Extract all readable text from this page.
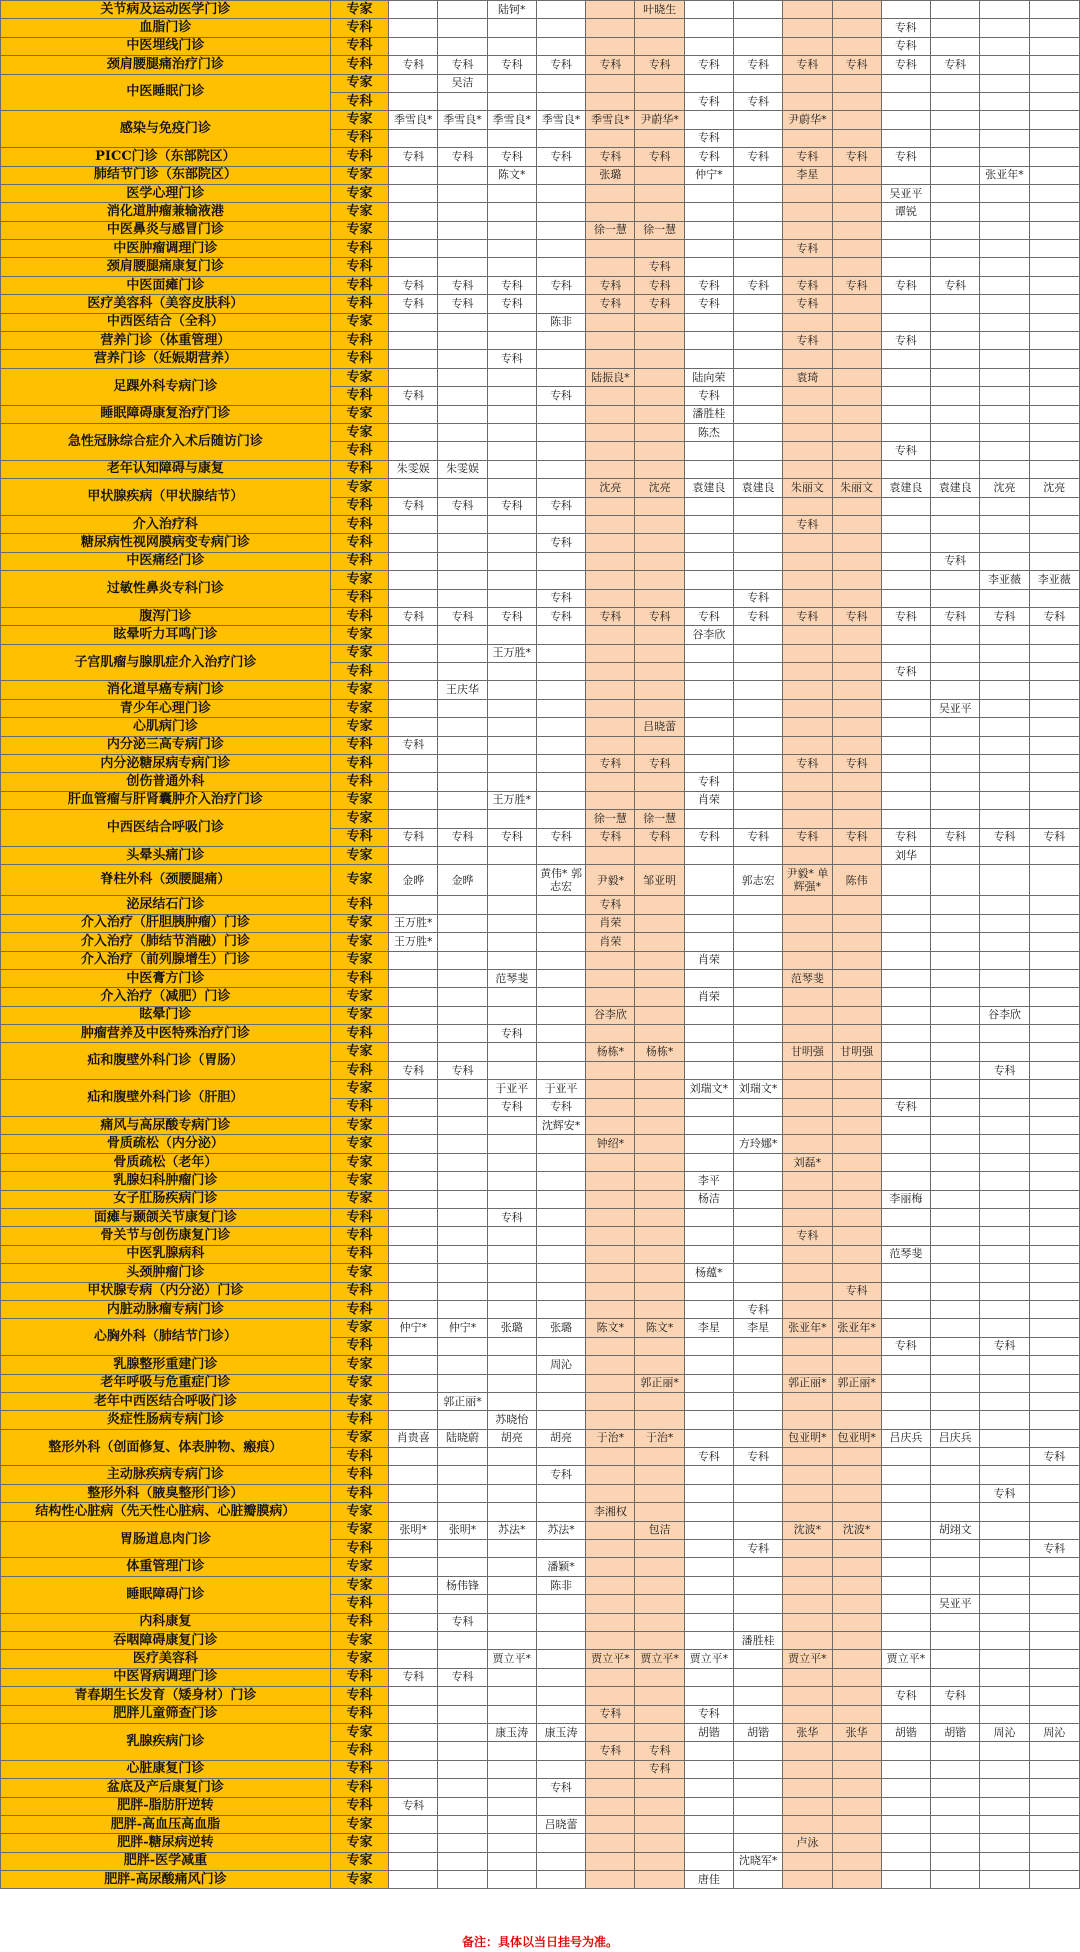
关节病及运动医学门诊	专家			陆钶*			叶晓生								
血脂门诊	专科											专科			
中医埋线门诊	专科											专科			
颈肩腰腿痛治疗门诊	专科	专科	专科	专科	专科	专科	专科	专科	专科	专科	专科	专科	专科		
中医睡眠门诊	专家		吴洁												
	专科							专科	专科						
感染与免疫门诊	专家	季雪良*	季雪良*	季雪良*	季雪良*	季雪良*	尹蔚华*			尹蔚华*					
	专科							专科							
PICC门诊（东部院区）	专科	专科	专科	专科	专科	专科	专科	专科	专科	专科	专科	专科			
肺结节门诊（东部院区）	专家			陈文*		张璐		仲宁*		李星				张亚年*	
医学心理门诊	专家											吴亚平			
消化道肿瘤兼输液港	专家											谭锐			
中医鼻炎与感冒门诊	专家					徐一慧	徐一慧								
中医肿瘤调理门诊	专科									专科					
颈肩腰腿痛康复门诊	专科						专科								
中医面瘫门诊	专科	专科	专科	专科	专科	专科	专科	专科	专科	专科	专科	专科	专科		
医疗美容科（美容皮肤科）	专科	专科	专科	专科		专科	专科	专科		专科					
中西医结合（全科）	专家				陈非										
营养门诊（体重管理）	专科									专科		专科			
营养门诊（妊娠期营养）	专科			专科											
足踝外科专病门诊	专家					陆振良*		陆向荣		袁琦					
	专科	专科			专科			专科							
睡眠障碍康复治疗门诊	专家							潘胜桂							
急性冠脉综合症介入术后随访门诊	专家							陈杰							
	专科											专科			
老年认知障碍与康复	专科	朱雯娱	朱雯娱												
甲状腺疾病（甲状腺结节）	专家					沈亮	沈亮	袁建良	袁建良	朱丽文	朱丽文	袁建良	袁建良	沈亮	沈亮
	专科	专科	专科	专科	专科										
介入治疗科	专科									专科					
糖尿病性视网膜病变专病门诊	专科				专科										
中医痛经门诊	专科												专科		
过敏性鼻炎专科门诊	专家													李亚薇	李亚薇
	专科				专科				专科						
腹泻门诊	专科	专科	专科	专科	专科	专科	专科	专科	专科	专科	专科	专科	专科	专科	专科
眩晕听力耳鸣门诊	专家							谷李欣							
子宫肌瘤与腺肌症介入治疗门诊	专家			王万胜*											
	专科											专科			
消化道早癌专病门诊	专家		王庆华												
青少年心理门诊	专家												吴亚平		
心肌病门诊	专家						吕晓蕾								
内分泌三高专病门诊	专科	专科													
内分泌糖尿病专病门诊	专科					专科	专科			专科	专科				
创伤普通外科	专科							专科							
肝血管瘤与肝肾囊肿介入治疗门诊	专家			王万胜*				肖荣							
中西医结合呼吸门诊	专家					徐一慧	徐一慧								
	专科	专科	专科	专科	专科	专科	专科	专科	专科	专科	专科	专科	专科	专科	专科
头晕头痛门诊	专家											刘华			
脊柱外科（颈腰腿痛）	专家	金晔	金晔		黄伟* 郭志宏	尹毅*	邹亚明		郭志宏	尹毅* 单辉强*	陈伟				
泌尿结石门诊	专科					专科									
介入治疗（肝胆胰肿瘤）门诊	专家	王万胜*				肖荣									
介入治疗（肺结节消融）门诊	专家	王万胜*				肖荣									
介入治疗（前列腺增生）门诊	专家							肖荣							
中医膏方门诊	专科			范琴斐						范琴斐					
介入治疗（减肥）门诊	专家							肖荣							
眩晕门诊	专家					谷李欣								谷李欣	
肿瘤营养及中医特殊治疗门诊	专科			专科											
疝和腹壁外科门诊（胃肠）	专家					杨栋*	杨栋*			甘明强	甘明强				
	专科	专科	专科											专科	
疝和腹壁外科门诊（肝胆）	专家			于亚平	于亚平			刘瑞文*	刘瑞文*						
	专科			专科	专科							专科			
痛风与高尿酸专病门诊	专家				沈辉安*										
骨质疏松（内分泌）	专家					钟绍*			方玲娜*						
骨质疏松（老年）	专家									刘磊*					
乳腺妇科肿瘤门诊	专家							李平							
女子肛肠疾病门诊	专家							杨洁				李丽梅			
面瘫与颞颌关节康复门诊	专科			专科											
骨关节与创伤康复门诊	专科									专科					
中医乳腺病科	专科											范琴斐			
头颈肿瘤门诊	专家							杨蕴*							
甲状腺专病（内分泌）门诊	专科										专科				
内脏动脉瘤专病门诊	专科								专科						
心胸外科（肺结节门诊）	专家	仲宁*	仲宁*	张璐	张璐	陈文*	陈文*	李星	李星	张亚年*	张亚年*				
	专科											专科		专科	
乳腺整形重建门诊	专家				周沁										
老年呼吸与危重症门诊	专家						郭正丽*			郭正丽*	郭正丽*				
老年中西医结合呼吸门诊	专家		郭正丽*												
炎症性肠病专病门诊	专科			苏晓怡											
整形外科（创面修复、体表肿物、瘢痕）	专家	肖贵喜	陆晓蔚	胡亮	胡亮	于治*	于治*			包亚明*	包亚明*	吕庆兵	吕庆兵		
	专科							专科	专科						专科
主动脉疾病专病门诊	专科				专科										
整形外科（腋臭整形门诊）	专科													专科	
结构性心脏病（先天性心脏病、心脏瓣膜病）	专家					李湘权									
胃肠道息肉门诊	专家	张明*	张明*	苏法*	苏法*		包洁			沈波*	沈波*		胡翊文		
	专科								专科						专科
体重管理门诊	专家				潘颖*										
睡眠障碍门诊	专家		杨伟锋		陈非										
	专科												吴亚平		
内科康复	专科		专科												
吞咽障碍康复门诊	专家								潘胜桂						
医疗美容科	专家			贾立平*		贾立平*	贾立平*	贾立平*		贾立平*		贾立平*			
中医肾病调理门诊	专科	专科	专科												
青春期生长发育（矮身材）门诊	专科											专科	专科		
肥胖儿童筛查门诊	专科					专科		专科							
乳腺疾病门诊	专家			康玉涛	康玉涛			胡锴	胡锴	张华	张华	胡锴	胡锴	周沁	周沁
	专科					专科	专科								
心脏康复门诊	专科						专科								
盆底及产后康复门诊	专科				专科										
肥胖-脂肪肝逆转	专科	专科													
肥胖-高血压高血脂	专家				吕晓蕾										
肥胖-糖尿病逆转	专家									卢泳					
肥胖-医学减重	专家								沈晓军*						
肥胖-高尿酸痛风门诊	专家							唐佳							
备注：具体以当日挂号为准。
